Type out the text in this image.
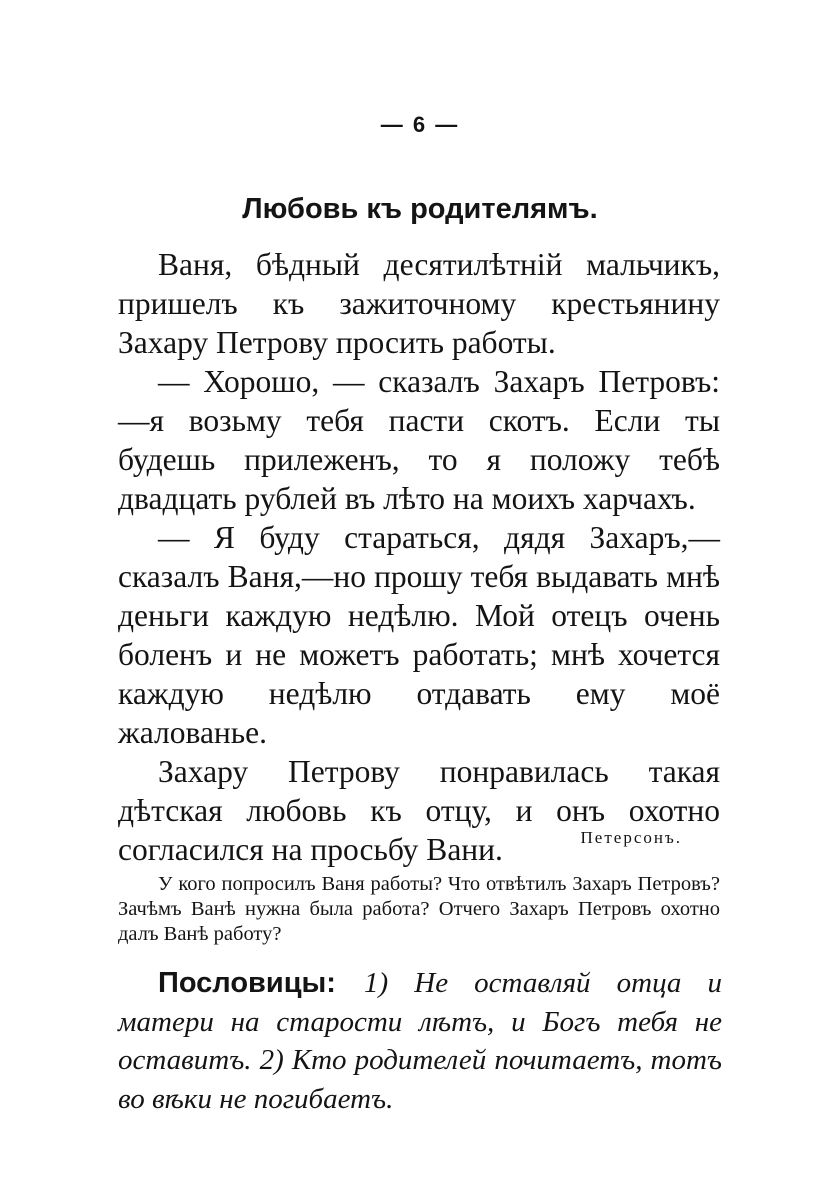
— 6 —
Любовь къ родителямъ.

Ваня, бѣдный десятилѣтній мальчикъ, пришелъ къ зажиточному крестьянину Захару Петрову просить работы.

— Хорошо, — сказалъ Захаръ Петровъ:—я возьму тебя пасти скотъ. Если ты будешь прилеженъ, то я положу тебѣ двадцать рублей въ лѣто на моихъ харчахъ.

— Я буду стараться, дядя Захаръ,— сказалъ Ваня,—но прошу тебя выдавать мнѣ деньги каждую недѣлю. Мой отецъ очень боленъ и не можетъ работать; мнѣ хочется каждую недѣлю отдавать ему моё жалованье.

Захару Петрову понравилась такая дѣтская любовь къ отцу, и онъ охотно согласился на просьбу Вани.	Петерсонъ.

У кого попросилъ Ваня работы? Что отвѣтилъ Захаръ Петровъ? Зачѣмъ Ванѣ нужна была работа? Отчего Захаръ Петровъ охотно далъ Ванѣ работу?

Пословицы: 1) Не оставляй отца и матери на старости лѣтъ, и Богъ тебя не оставитъ. 2) Кто родителей почитаетъ, тотъ во вѣки не погибаетъ.
